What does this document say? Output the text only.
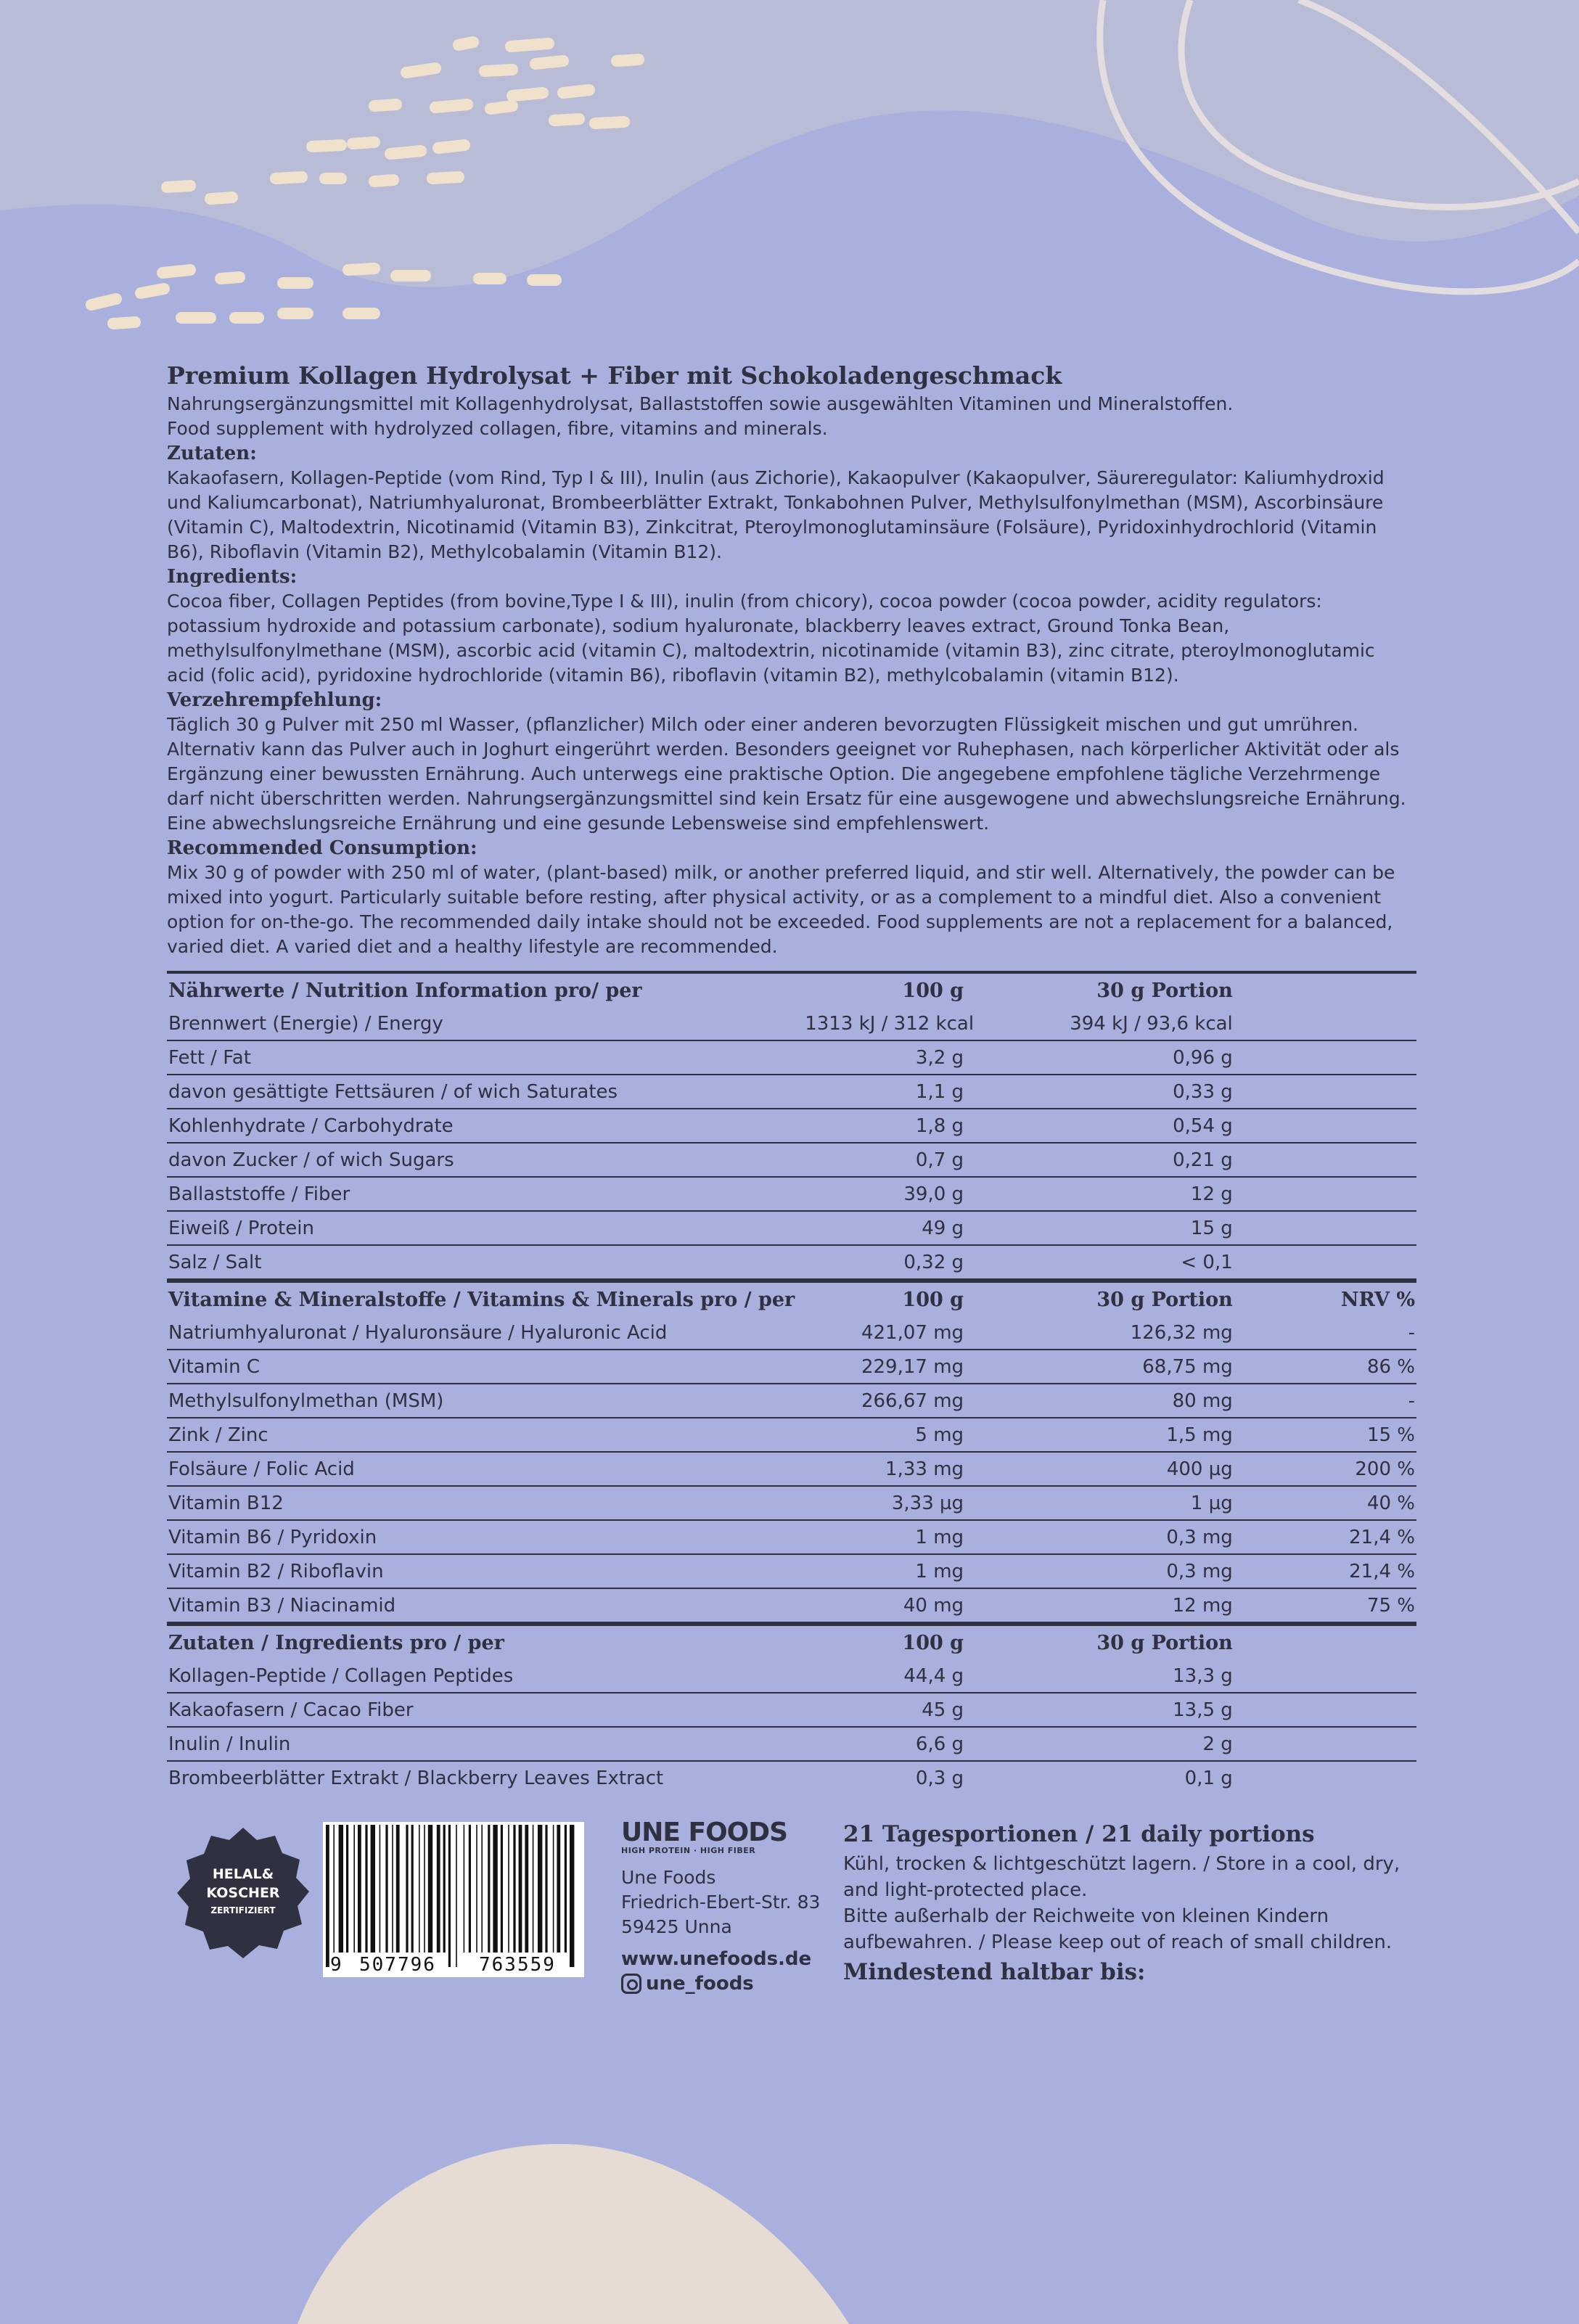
Premium Kollagen Hydrolysat + Fiber mit Schokoladengeschmack
Nahrungsergänzungsmittel mit Kollagenhydrolysat, Ballaststoffen sowie ausgewählten Vitaminen und Mineralstoffen.
Food supplement with hydrolyzed collagen, fibre, vitamins and minerals.
Zutaten:
Kakaofasern, Kollagen-Peptide (vom Rind, Typ I & III), Inulin (aus Zichorie), Kakaopulver (Kakaopulver, Säureregulator: Kaliumhydroxid und Kaliumcarbonat), Natriumhyaluronat, Brombeerblätter Extrakt, Tonkabohnen Pulver, Methylsulfonylmethan (MSM), Ascorbinsäure (Vitamin C), Maltodextrin, Nicotinamid (Vitamin B3), Zinkcitrat, Pteroylmonoglutaminsäure (Folsäure), Pyridoxinhydrochlorid (Vitamin B6), Riboflavin (Vitamin B2), Methylcobalamin (Vitamin B12).
Ingredients:
Cocoa fiber, Collagen Peptides (from bovine,Type I & III), inulin (from chicory), cocoa powder (cocoa powder, acidity regulators: potassium hydroxide and potassium carbonate), sodium hyaluronate, blackberry leaves extract, Ground Tonka Bean, methylsulfonylmethane (MSM), ascorbic acid (vitamin C), maltodextrin, nicotinamide (vitamin B3), zinc citrate, pteroylmonoglutamic acid (folic acid), pyridoxine hydrochloride (vitamin B6), riboflavin (vitamin B2), methylcobalamin (vitamin B12).
Verzehrempfehlung:
Täglich 30 g Pulver mit 250 ml Wasser, (pflanzlicher) Milch oder einer anderen bevorzugten Flüssigkeit mischen und gut umrühren. Alternativ kann das Pulver auch in Joghurt eingerührt werden. Besonders geeignet vor Ruhephasen, nach körperlicher Aktivität oder als Ergänzung einer bewussten Ernährung. Auch unterwegs eine praktische Option. Die angegebene empfohlene tägliche Verzehrmenge darf nicht überschritten werden. Nahrungsergänzungsmittel sind kein Ersatz für eine ausgewogene und abwechslungsreiche Ernährung. Eine abwechslungsreiche Ernährung und eine gesunde Lebensweise sind empfehlenswert.
Recommended Consumption:
Mix 30 g of powder with 250 ml of water, (plant-based) milk, or another preferred liquid, and stir well. Alternatively, the powder can be mixed into yogurt. Particularly suitable before resting, after physical activity, or as a complement to a mindful diet. Also a convenient option for on-the-go. The recommended daily intake should not be exceeded. Food supplements are not a replacement for a balanced, varied diet. A varied diet and a healthy lifestyle are recommended.
Nährwerte / Nutrition Information pro/ per	100 g	30 g Portion	
Brennwert (Energie) / Energy	1313 kJ / 312 kcal	394 kJ / 93,6 kcal	
Fett / Fat	3,2 g	0,96 g	
davon gesättigte Fettsäuren / of wich Saturates	1,1 g	0,33 g	
Kohlenhydrate / Carbohydrate	1,8 g	0,54 g	
davon Zucker / of wich Sugars	0,7 g	0,21 g	
Ballaststoffe / Fiber	39,0 g	12 g	
Eiweiß / Protein	49 g	15 g	
Salz / Salt	0,32 g	< 0,1	
Vitamine & Mineralstoffe / Vitamins & Minerals pro / per	100 g	30 g Portion	NRV %
Natriumhyaluronat / Hyaluronsäure / Hyaluronic Acid	421,07 mg	126,32 mg	-
Vitamin C	229,17 mg	68,75 mg	86 %
Methylsulfonylmethan (MSM)	266,67 mg	80 mg	-
Zink / Zinc	5 mg	1,5 mg	15 %
Folsäure / Folic Acid	1,33 mg	400 µg	200 %
Vitamin B12	3,33 µg	1 µg	40 %
Vitamin B6 / Pyridoxin	1 mg	0,3 mg	21,4 %
Vitamin B2 / Riboflavin	1 mg	0,3 mg	21,4 %
Vitamin B3 / Niacinamid	40 mg	12 mg	75 %
Zutaten / Ingredients pro / per	100 g	30 g Portion	
Kollagen-Peptide / Collagen Peptides	44,4 g	13,3 g	
Kakaofasern / Cacao Fiber	45 g	13,5 g	
Inulin / Inulin	6,6 g	2 g	
Brombeerblätter Extrakt / Blackberry Leaves Extract	0,3 g	0,1 g	
HELAL&
KOSCHER
ZERTIFIZIERT
9 507796 763559
UNE FOODS
HIGH PROTEIN · HIGH FIBER
Une Foods
Friedrich-Ebert-Str. 83
59425 Unna
www.unefoods.de
une_foods
21 Tagesportionen / 21 daily portions
Kühl, trocken & lichtgeschützt lagern. / Store in a cool, dry, and light-protected place.
Bitte außerhalb der Reichweite von kleinen Kindern aufbewahren. / Please keep out of reach of small children.
Mindestend haltbar bis:
